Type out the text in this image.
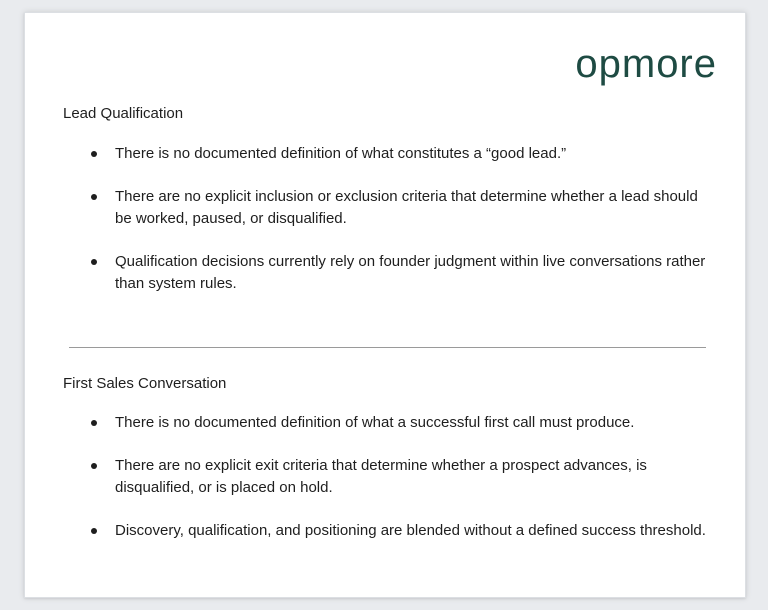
opmore
Lead Qualification
There is no documented definition of what constitutes a “good lead.”
There are no explicit inclusion or exclusion criteria that determine whether a lead should be worked, paused, or disqualified.
Qualification decisions currently rely on founder judgment within live conversations rather than system rules.
First Sales Conversation
There is no documented definition of what a successful first call must produce.
There are no explicit exit criteria that determine whether a prospect advances, is disqualified, or is placed on hold.
Discovery, qualification, and positioning are blended without a defined success threshold.
